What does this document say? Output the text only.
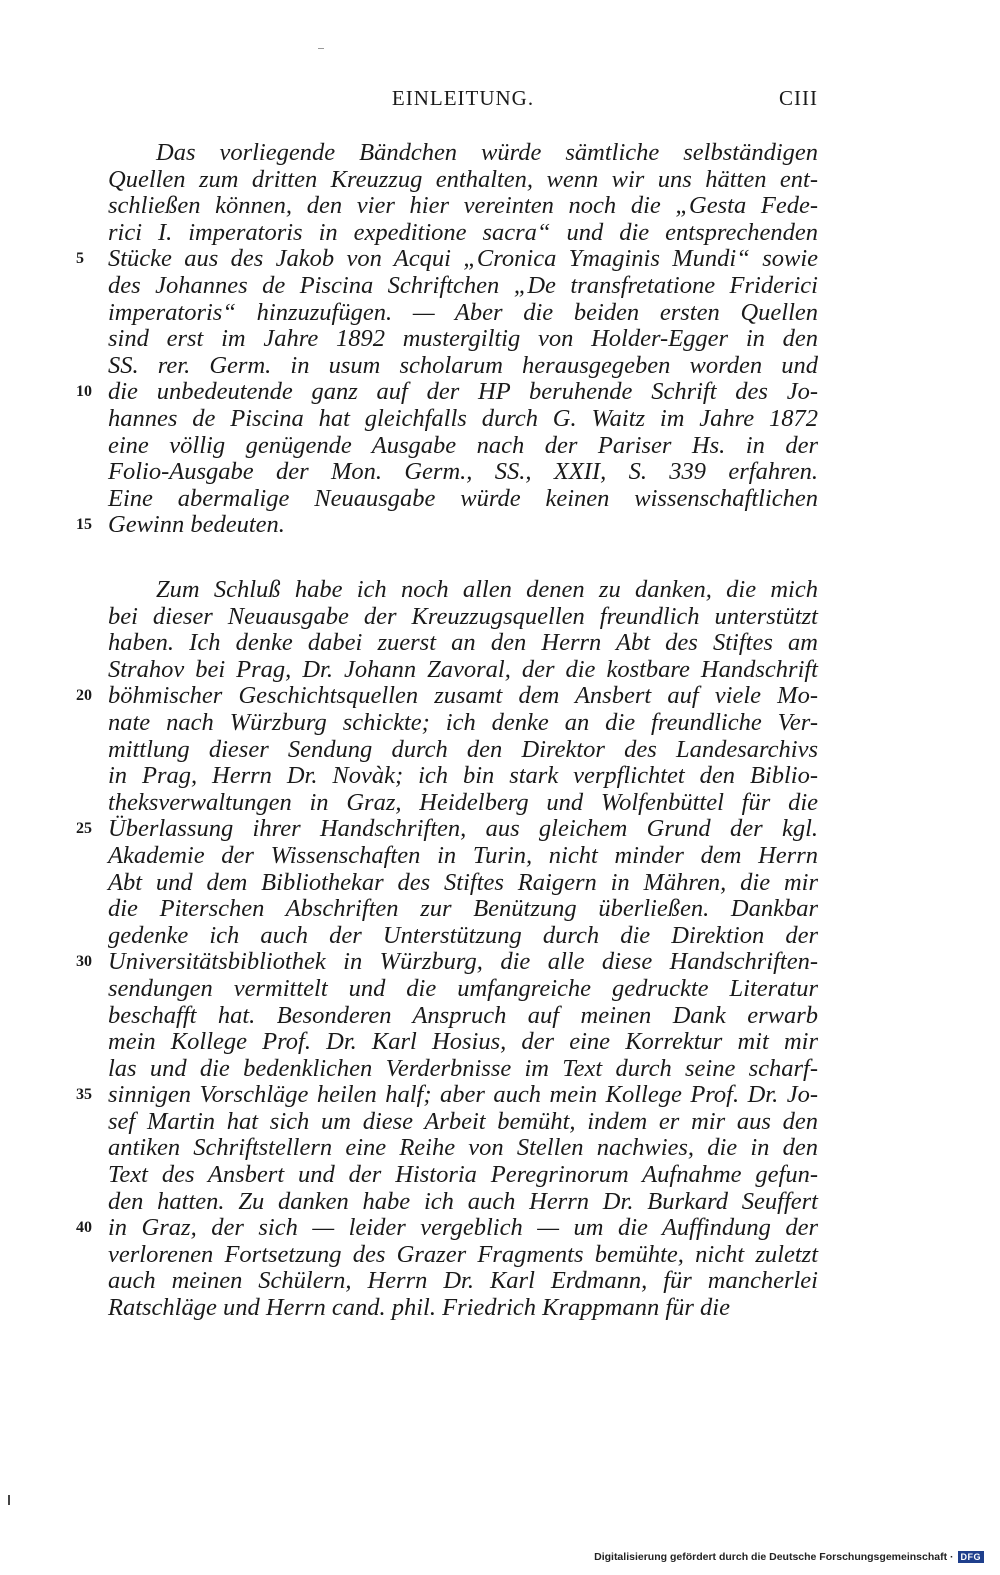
EINLEITUNG.	CIII
Das vorliegende Bändchen würde sämtliche selbständigen
Quellen zum dritten Kreuzzug enthalten, wenn wir uns hätten ent-
schließen können, den vier hier vereinten noch die „Gesta Fede-
rici I. imperatoris in expeditione sacra“ und die entsprechenden
5 Stücke aus des Jakob von Acqui „Cronica Ymaginis Mundi“ sowie
des Johannes de Piscina Schriftchen „De transfretatione Friderici
imperatoris“ hinzuzufügen. — Aber die beiden ersten Quellen
sind erst im Jahre 1892 mustergiltig von Holder-Egger in den
SS. rer. Germ. in usum scholarum herausgegeben worden und
10 die unbedeutende ganz auf der HP beruhende Schrift des Jo-
hannes de Piscina hat gleichfalls durch G. Waitz im Jahre 1872
eine völlig genügende Ausgabe nach der Pariser Hs. in der
Folio-Ausgabe der Mon. Germ., SS., XXII, S. 339 erfahren.
Eine abermalige Neuausgabe würde keinen wissenschaftlichen
15 Gewinn bedeuten.
Zum Schluß habe ich noch allen denen zu danken, die mich
bei dieser Neuausgabe der Kreuzzugsquellen freundlich unterstützt
haben. Ich denke dabei zuerst an den Herrn Abt des Stiftes am
Strahov bei Prag, Dr. Johann Zavoral, der die kostbare Handschrift
20 böhmischer Geschichtsquellen zusamt dem Ansbert auf viele Mo-
nate nach Würzburg schickte; ich denke an die freundliche Ver-
mittlung dieser Sendung durch den Direktor des Landesarchivs
in Prag, Herrn Dr. Novàk; ich bin stark verpflichtet den Biblio-
theksverwaltungen in Graz, Heidelberg und Wolfenbüttel für die
25 Überlassung ihrer Handschriften, aus gleichem Grund der kgl.
Akademie der Wissenschaften in Turin, nicht minder dem Herrn
Abt und dem Bibliothekar des Stiftes Raigern in Mähren, die mir
die Piterschen Abschriften zur Benützung überließen. Dankbar
gedenke ich auch der Unterstützung durch die Direktion der
30 Universitätsbibliothek in Würzburg, die alle diese Handschriften-
sendungen vermittelt und die umfangreiche gedruckte Literatur
beschafft hat. Besonderen Anspruch auf meinen Dank erwarb
mein Kollege Prof. Dr. Karl Hosius, der eine Korrektur mit mir
las und die bedenklichen Verderbnisse im Text durch seine scharf-
35 sinnigen Vorschläge heilen half; aber auch mein Kollege Prof. Dr. Jo-
sef Martin hat sich um diese Arbeit bemüht, indem er mir aus den
antiken Schriftstellern eine Reihe von Stellen nachwies, die in den
Text des Ansbert und der Historia Peregrinorum Aufnahme gefun-
den hatten. Zu danken habe ich auch Herrn Dr. Burkard Seuffert
40 in Graz, der sich — leider vergeblich — um die Auffindung der
verlorenen Fortsetzung des Grazer Fragments bemühte, nicht zuletzt
auch meinen Schülern, Herrn Dr. Karl Erdmann, für mancherlei
Ratschläge und Herrn cand. phil. Friedrich Krappmann für die
Digitalisierung gefördert durch die Deutsche Forschungsgemeinschaft · DFG
